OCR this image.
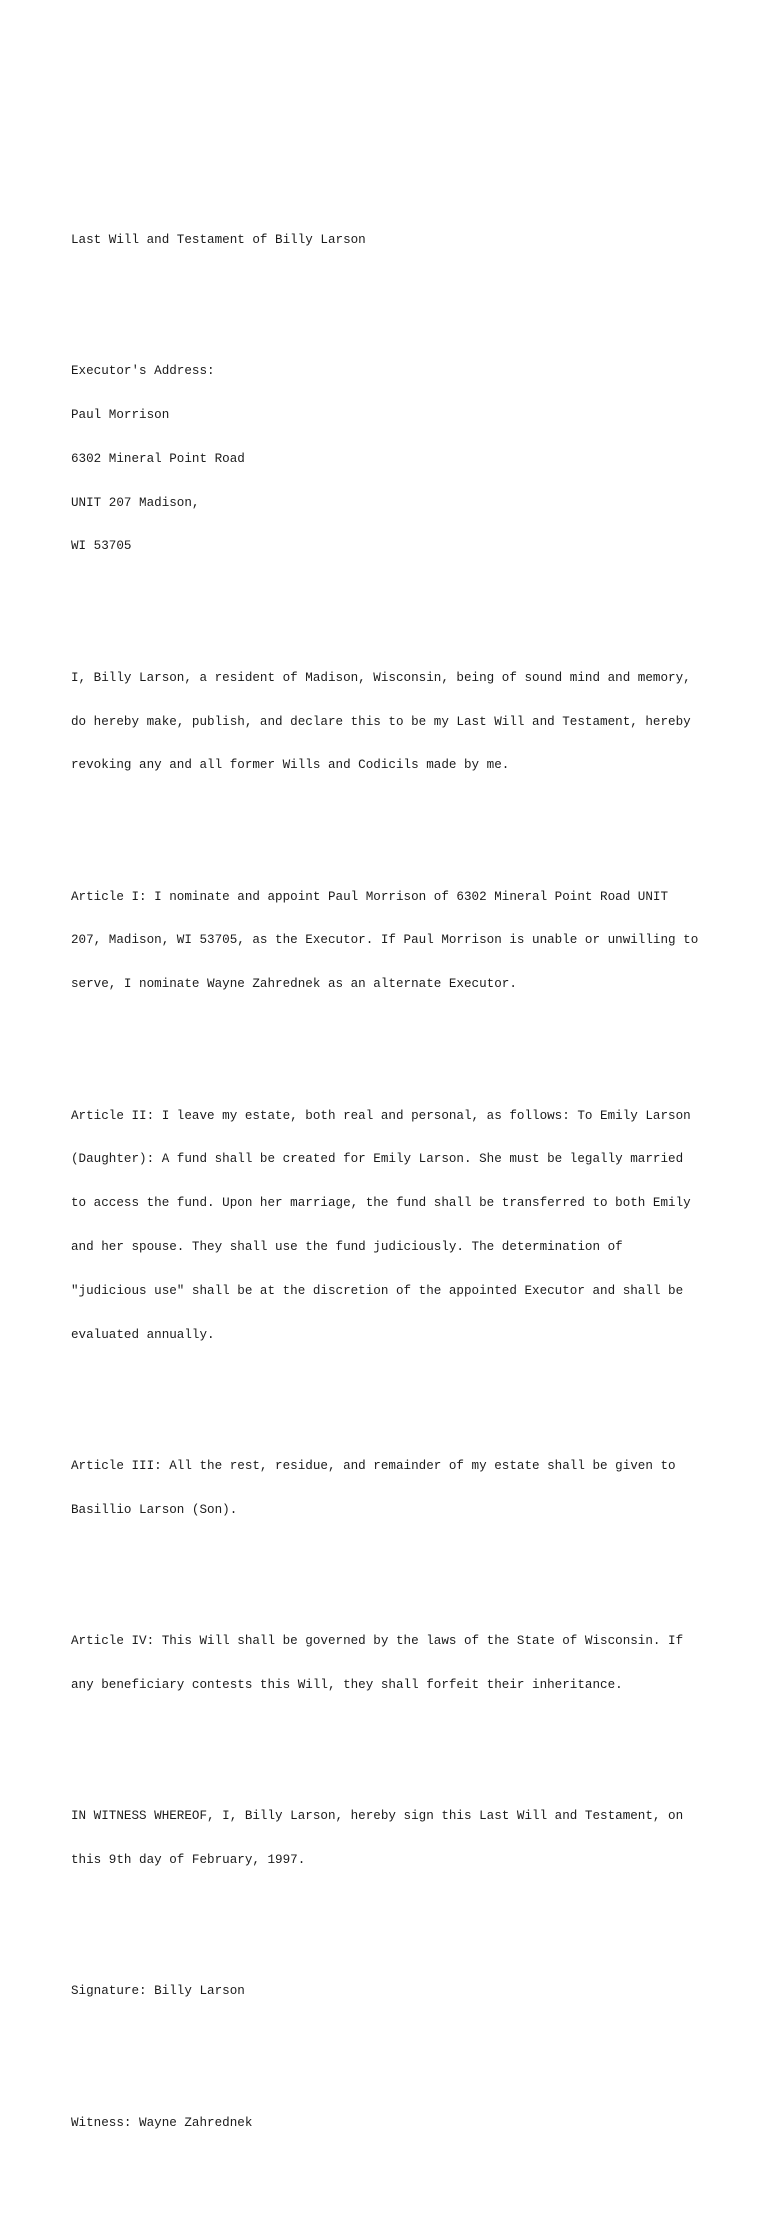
Last Will and Testament of Billy Larson

Executor's Address:

Paul Morrison

6302 Mineral Point Road

UNIT 207 Madison,

WI 53705

I, Billy Larson, a resident of Madison, Wisconsin, being of sound mind and memory,

do hereby make, publish, and declare this to be my Last Will and Testament, hereby

revoking any and all former Wills and Codicils made by me.

Article I: I nominate and appoint Paul Morrison of 6302 Mineral Point Road UNIT

207, Madison, WI 53705, as the Executor. If Paul Morrison is unable or unwilling to

serve, I nominate Wayne Zahrednek as an alternate Executor.

Article II: I leave my estate, both real and personal, as follows: To Emily Larson

(Daughter): A fund shall be created for Emily Larson. She must be legally married

to access the fund. Upon her marriage, the fund shall be transferred to both Emily

and her spouse. They shall use the fund judiciously. The determination of

"judicious use" shall be at the discretion of the appointed Executor and shall be

evaluated annually.

Article III: All the rest, residue, and remainder of my estate shall be given to

Basillio Larson (Son).

Article IV: This Will shall be governed by the laws of the State of Wisconsin. If

any beneficiary contests this Will, they shall forfeit their inheritance.

IN WITNESS WHEREOF, I, Billy Larson, hereby sign this Last Will and Testament, on

this 9th day of February, 1997.

Signature: Billy Larson

Witness: Wayne Zahrednek
